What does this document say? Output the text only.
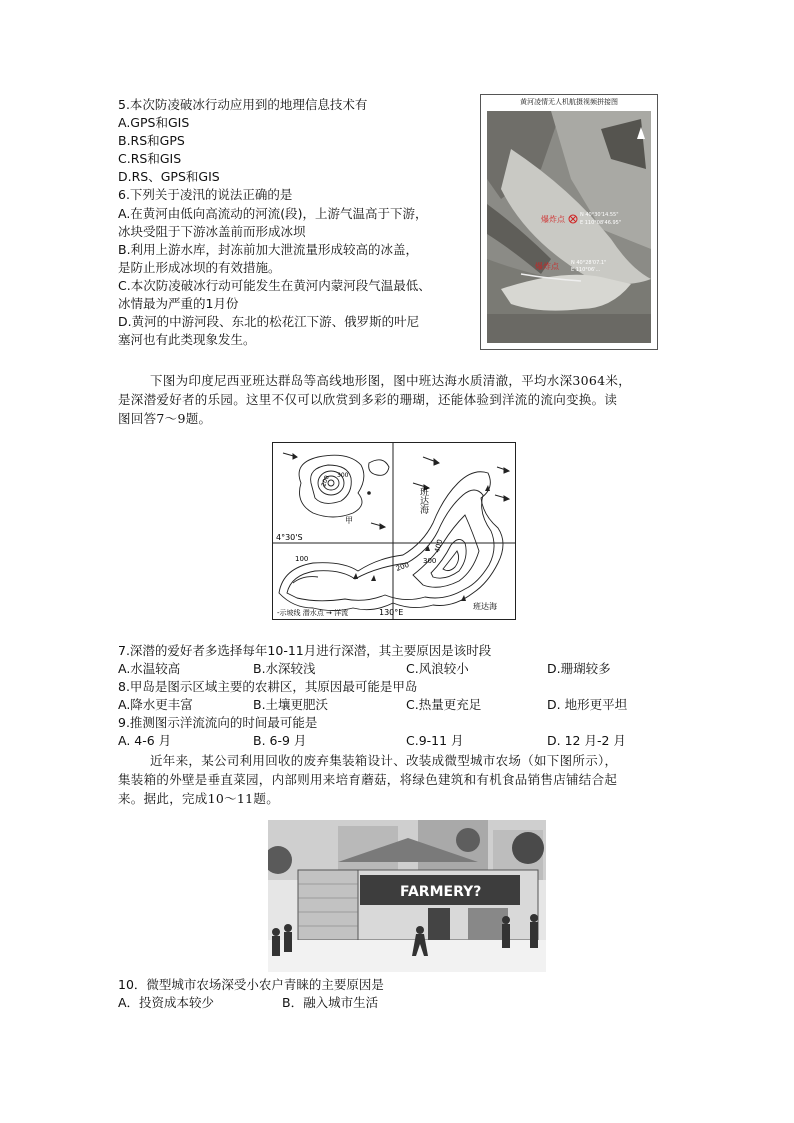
5.本次防凌破冰行动应用到的地理信息技术有
A.GPS和GIS
B.RS和GPS
C.RS和GIS
D.RS、GPS和GIS
6.下列关于凌汛的说法正确的是
A.在黄河由低向高流动的河流(段)，上游气温高于下游，
冰块受阻于下游冰盖前而形成冰坝
B.利用上游水库，封冻前加大泄流量形成较高的冰盖，
是防止形成冰坝的有效措施。
C.本次防凌破冰行动可能发生在黄河内蒙河段气温最低、
冰情最为严重的1月份
D.黄河的中游河段、东北的松花江下游、俄罗斯的叶尼
塞河也有此类现象发生。
黄河凌情无人机航摄视频拼接图
爆炸点	N 40°30'14.55"
E 110°08'46.95"
爆炸点 N 40°28'07.1"
E 110°06'...
下图为印度尼西亚班达群岛等高线地形图，图中班达海水质清澈，平均水深3064米，
是深潜爱好者的乐园。这里不仅可以欣赏到多彩的珊瑚，还能体验到洋流的流向变换。读
图回答7～9题。
甲
100
200 300
200 300
400
班达海
班达海
4°30'S
130°E
-示坡线 潜水点 → 洋流
7.深潜的爱好者多选择每年10-11月进行深潜，其主要原因是该时段
A.水温较高	B.水深较浅	C.风浪较小	D.珊瑚较多
8.甲岛是图示区域主要的农耕区，其原因最可能是甲岛
A.降水更丰富	B.土壤更肥沃	C.热量更充足	D. 地形更平坦
9.推测图示洋流流向的时间最可能是
A. 4-6 月	B. 6-9 月	C.9-11 月	D. 12 月-2 月
近年来，某公司利用回收的废弃集装箱设计、改装成微型城市农场（如下图所示），
集装箱的外壁是垂直菜园，内部则用来培育蘑菇，将绿色建筑和有机食品销售店铺结合起
来。据此，完成10～11题。
FARMERY?
10．微型城市农场深受小农户青睐的主要原因是
A．投资成本较少	B．融入城市生活
